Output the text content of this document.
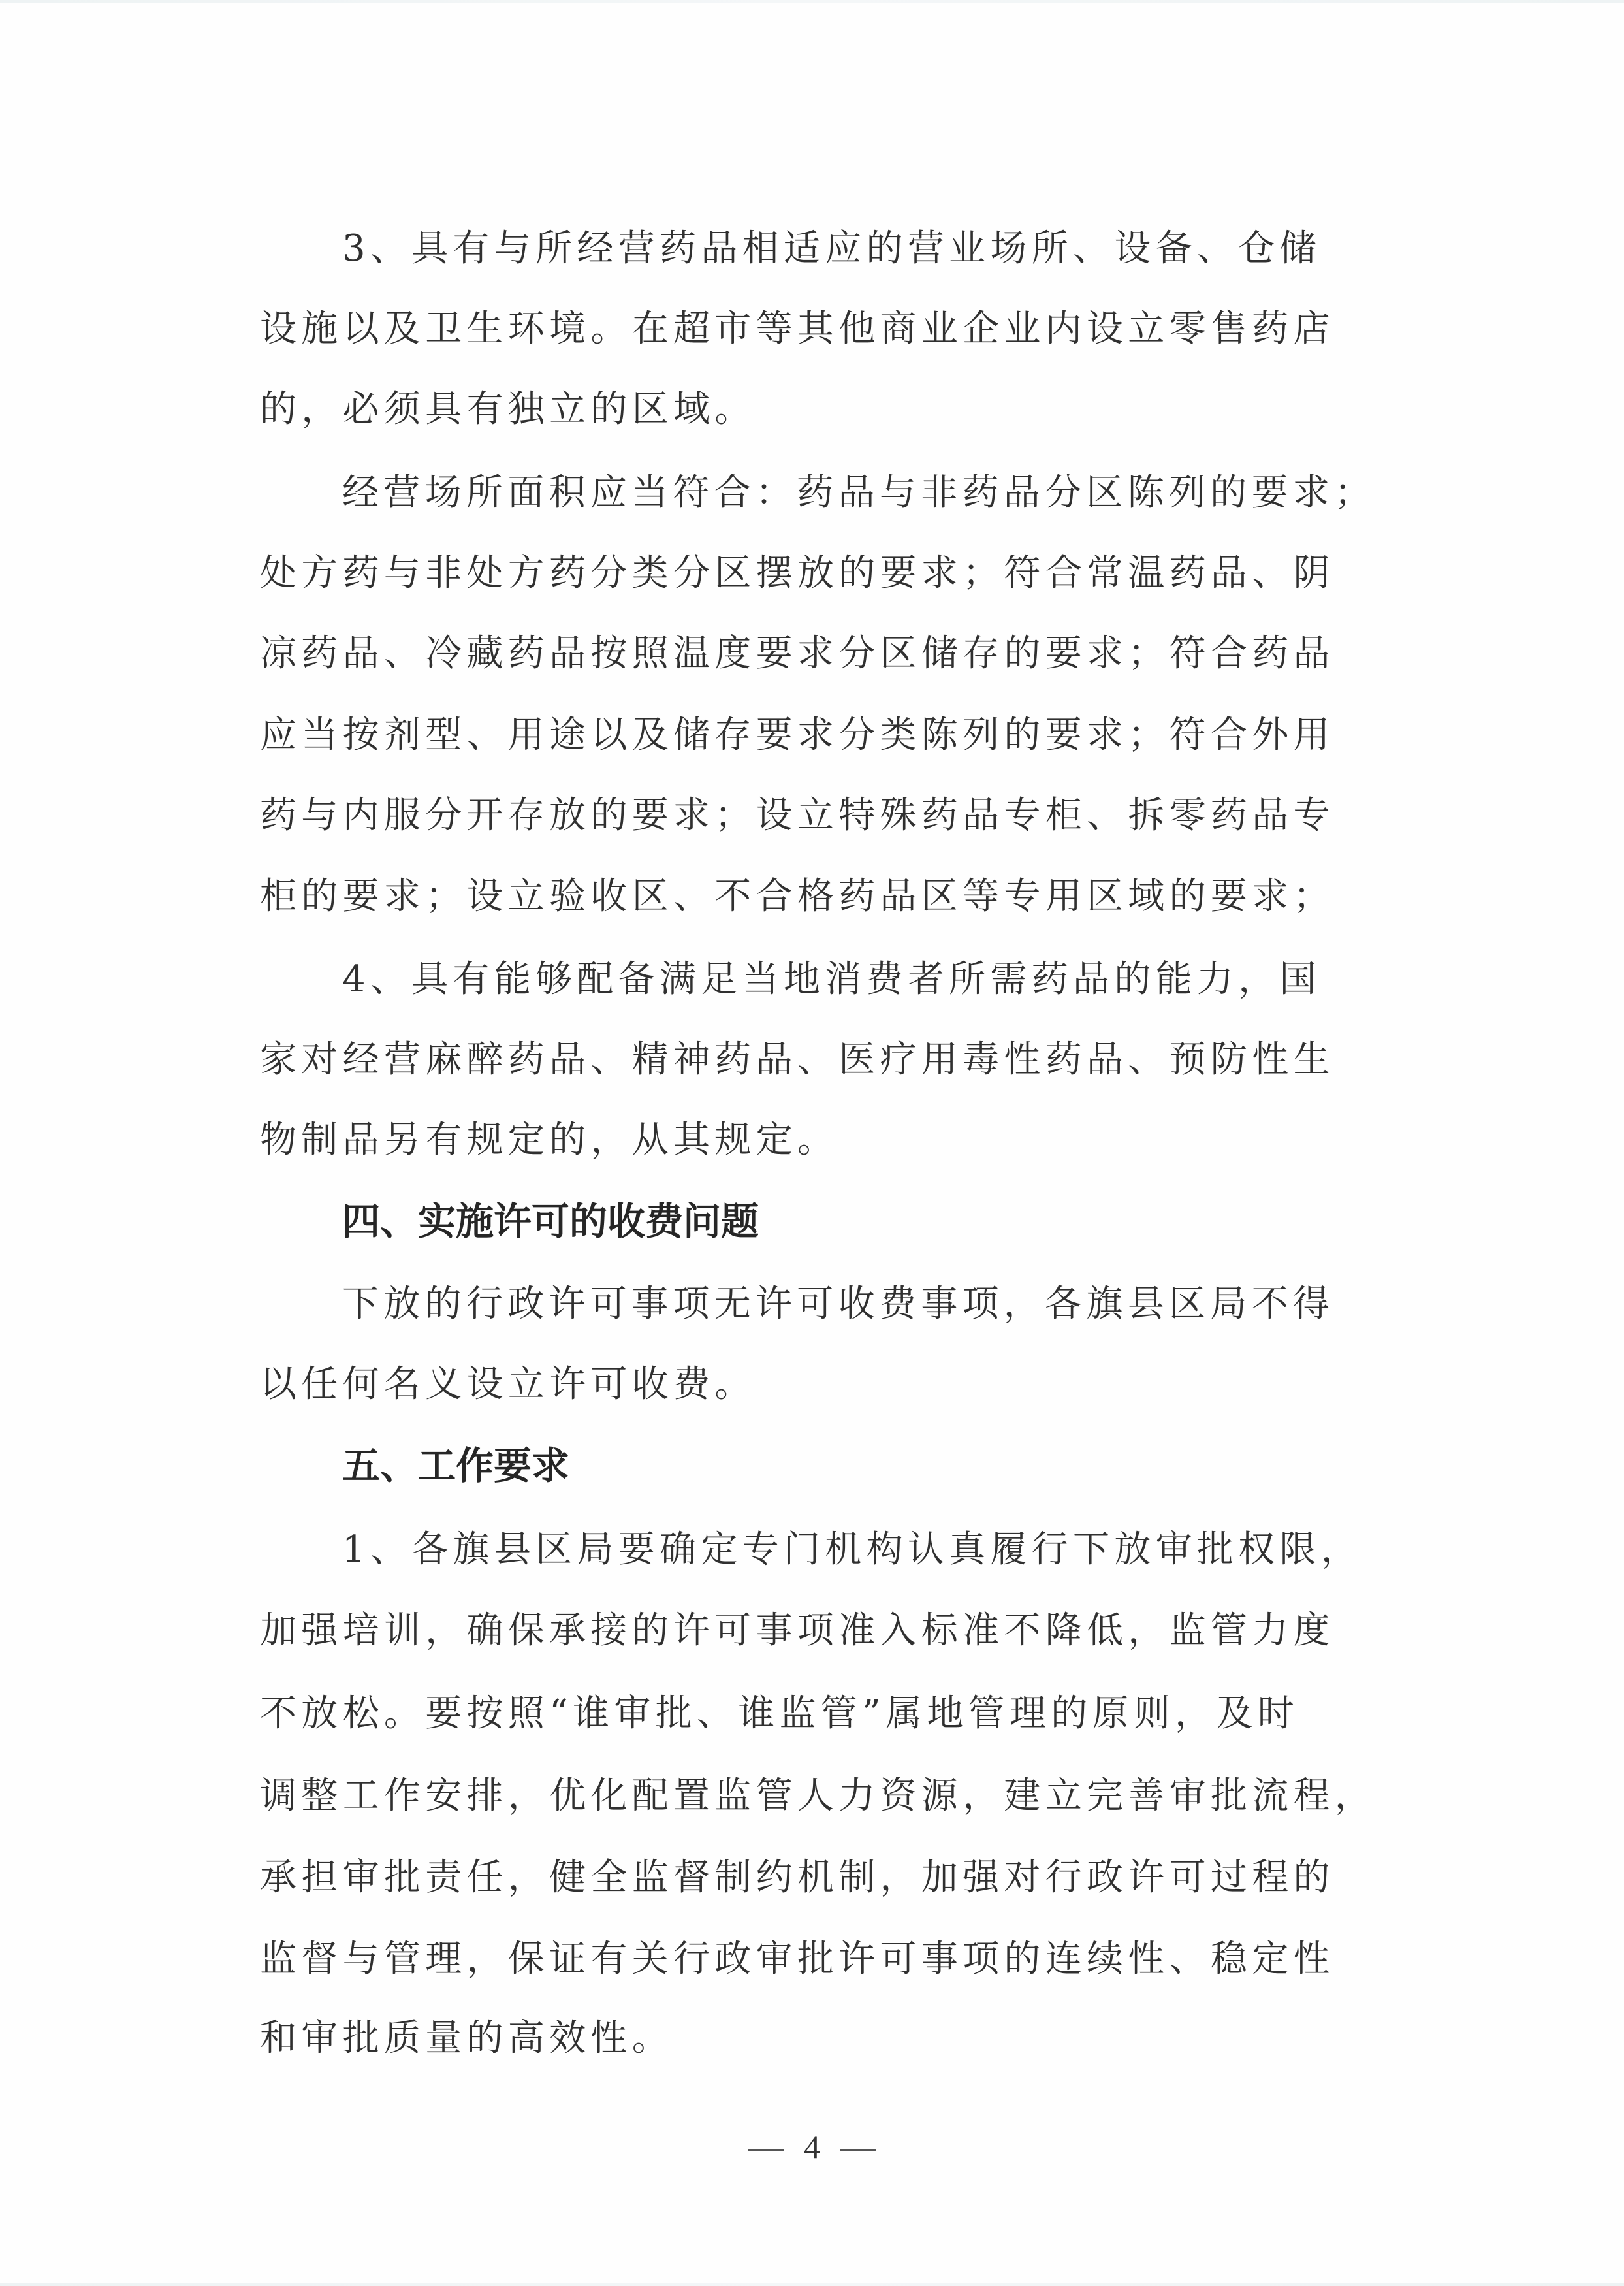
3、具有与所经营药品相适应的营业场所、设备、仓储
设施以及卫生环境。在超市等其他商业企业内设立零售药店
的，必须具有独立的区域。
经营场所面积应当符合：药品与非药品分区陈列的要求；
处方药与非处方药分类分区摆放的要求；符合常温药品、阴
凉药品、冷藏药品按照温度要求分区储存的要求；符合药品
应当按剂型、用途以及储存要求分类陈列的要求；符合外用
药与内服分开存放的要求；设立特殊药品专柜、拆零药品专
柜的要求；设立验收区、不合格药品区等专用区域的要求；
4、具有能够配备满足当地消费者所需药品的能力，国
家对经营麻醉药品、精神药品、医疗用毒性药品、预防性生
物制品另有规定的，从其规定。
四、实施许可的收费问题
下放的行政许可事项无许可收费事项，各旗县区局不得
以任何名义设立许可收费。
五、工作要求
1、各旗县区局要确定专门机构认真履行下放审批权限，
加强培训，确保承接的许可事项准入标准不降低，监管力度
不放松。要按照“谁审批、谁监管”属地管理的原则，及时
调整工作安排，优化配置监管人力资源，建立完善审批流程，
承担审批责任，健全监督制约机制，加强对行政许可过程的
监督与管理，保证有关行政审批许可事项的连续性、稳定性
和审批质量的高效性。
4
